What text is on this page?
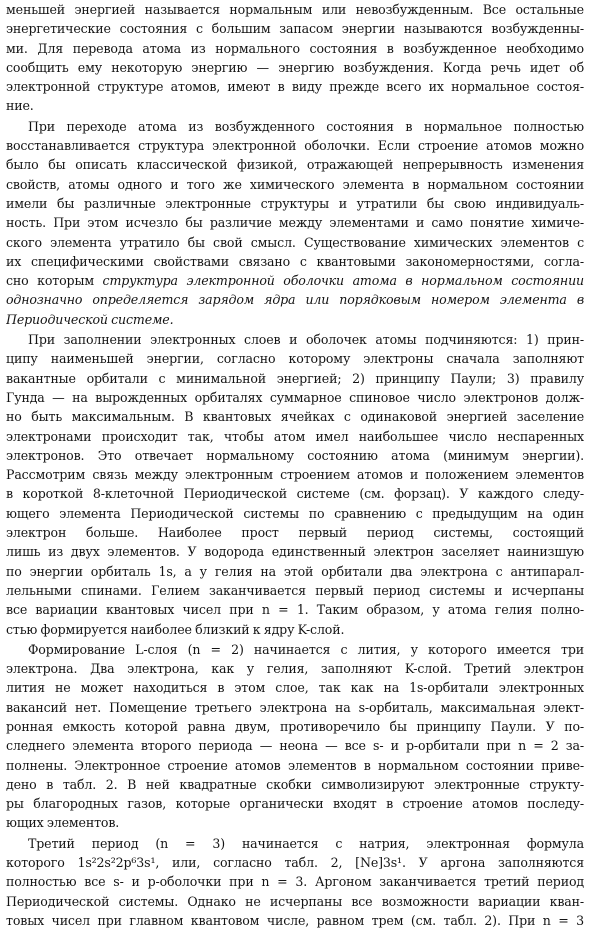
меньшей энергией называется нормальным или невозбужденным. Все остальные
энергетические состояния с большим запасом энергии называются возбужденны-
ми. Для перевода атома из нормального состояния в возбужденное необходимо
сообщить ему некоторую энергию — энергию возбуждения. Когда речь идет об
электронной структуре атомов, имеют в виду прежде всего их нормальное состоя-
ние.

При переходе атома из возбужденного состояния в нормальное полностью
восстанавливается структура электронной оболочки. Если строение атомов можно
было бы описать классической физикой, отражающей непрерывность изменения
свойств, атомы одного и того же химического элемента в нормальном состоянии
имели бы различные электронные структуры и утратили бы свою индивидуаль-
ность. При этом исчезло бы различие между элементами и само понятие химиче-
ского элемента утратило бы свой смысл. Существование химических элементов с
их специфическими свойствами связано с квантовыми закономерностями, согла-
сно которым структура электронной оболочки атома в нормальном состоянии
однозначно определяется зарядом ядра или порядковым номером элемента в
Периодической системе.

При заполнении электронных слоев и оболочек атомы подчиняются: 1) прин-
ципу наименьшей энергии, согласно которому электроны сначала заполняют
вакантные орбитали с минимальной энергией; 2) принципу Паули; 3) правилу
Гунда — на вырожденных орбиталях суммарное спиновое число электронов долж-
но быть максимальным. В квантовых ячейках с одинаковой энергией заселение
электронами происходит так, чтобы атом имел наибольшее число неспаренных
электронов. Это отвечает нормальному состоянию атома (минимум энергии).
Рассмотрим связь между электронным строением атомов и положением элементов
в короткой 8-клеточной Периодической системе (см. форзац). У каждого следу-
ющего элемента Периодической системы по сравнению с предыдущим на один
электрон больше. Наиболее прост первый период системы, состоящий
лишь из двух элементов. У водорода единственный электрон заселяет наинизшую
по энергии орбиталь 1s, а у гелия на этой орбитали два электрона с антипарал-
лельными спинами. Гелием заканчивается первый период системы и исчерпаны
все вариации квантовых чисел при n = 1. Таким образом, у атома гелия полно-
стью формируется наиболее близкий к ядру K-слой.

Формирование L-слоя (n = 2) начинается с лития, у которого имеется три
электрона. Два электрона, как у гелия, заполняют K-слой. Третий электрон
лития не может находиться в этом слое, так как на 1s-орбитали электронных
вакансий нет. Помещение третьего электрона на s-орбиталь, максимальная элект-
ронная емкость которой равна двум, противоречило бы принципу Паули. У по-
следнего элемента второго периода — неона — все s- и p-орбитали при n = 2 за-
полнены. Электронное строение атомов элементов в нормальном состоянии приве-
дено в табл. 2. В ней квадратные скобки символизируют электронные структу-
ры благородных газов, которые органически входят в строение атомов последу-
ющих элементов.

Третий период (n = 3) начинается с натрия, электронная формула
которого 1s²2s²2p⁶3s¹, или, согласно табл. 2, [Ne]3s¹. У аргона заполняются
полностью все s- и p-оболочки при n = 3. Аргоном заканчивается третий период
Периодической системы. Однако не исчерпаны все возможности вариации кван-
товых чисел при главном квантовом числе, равном трем (см. табл. 2). При n = 3
